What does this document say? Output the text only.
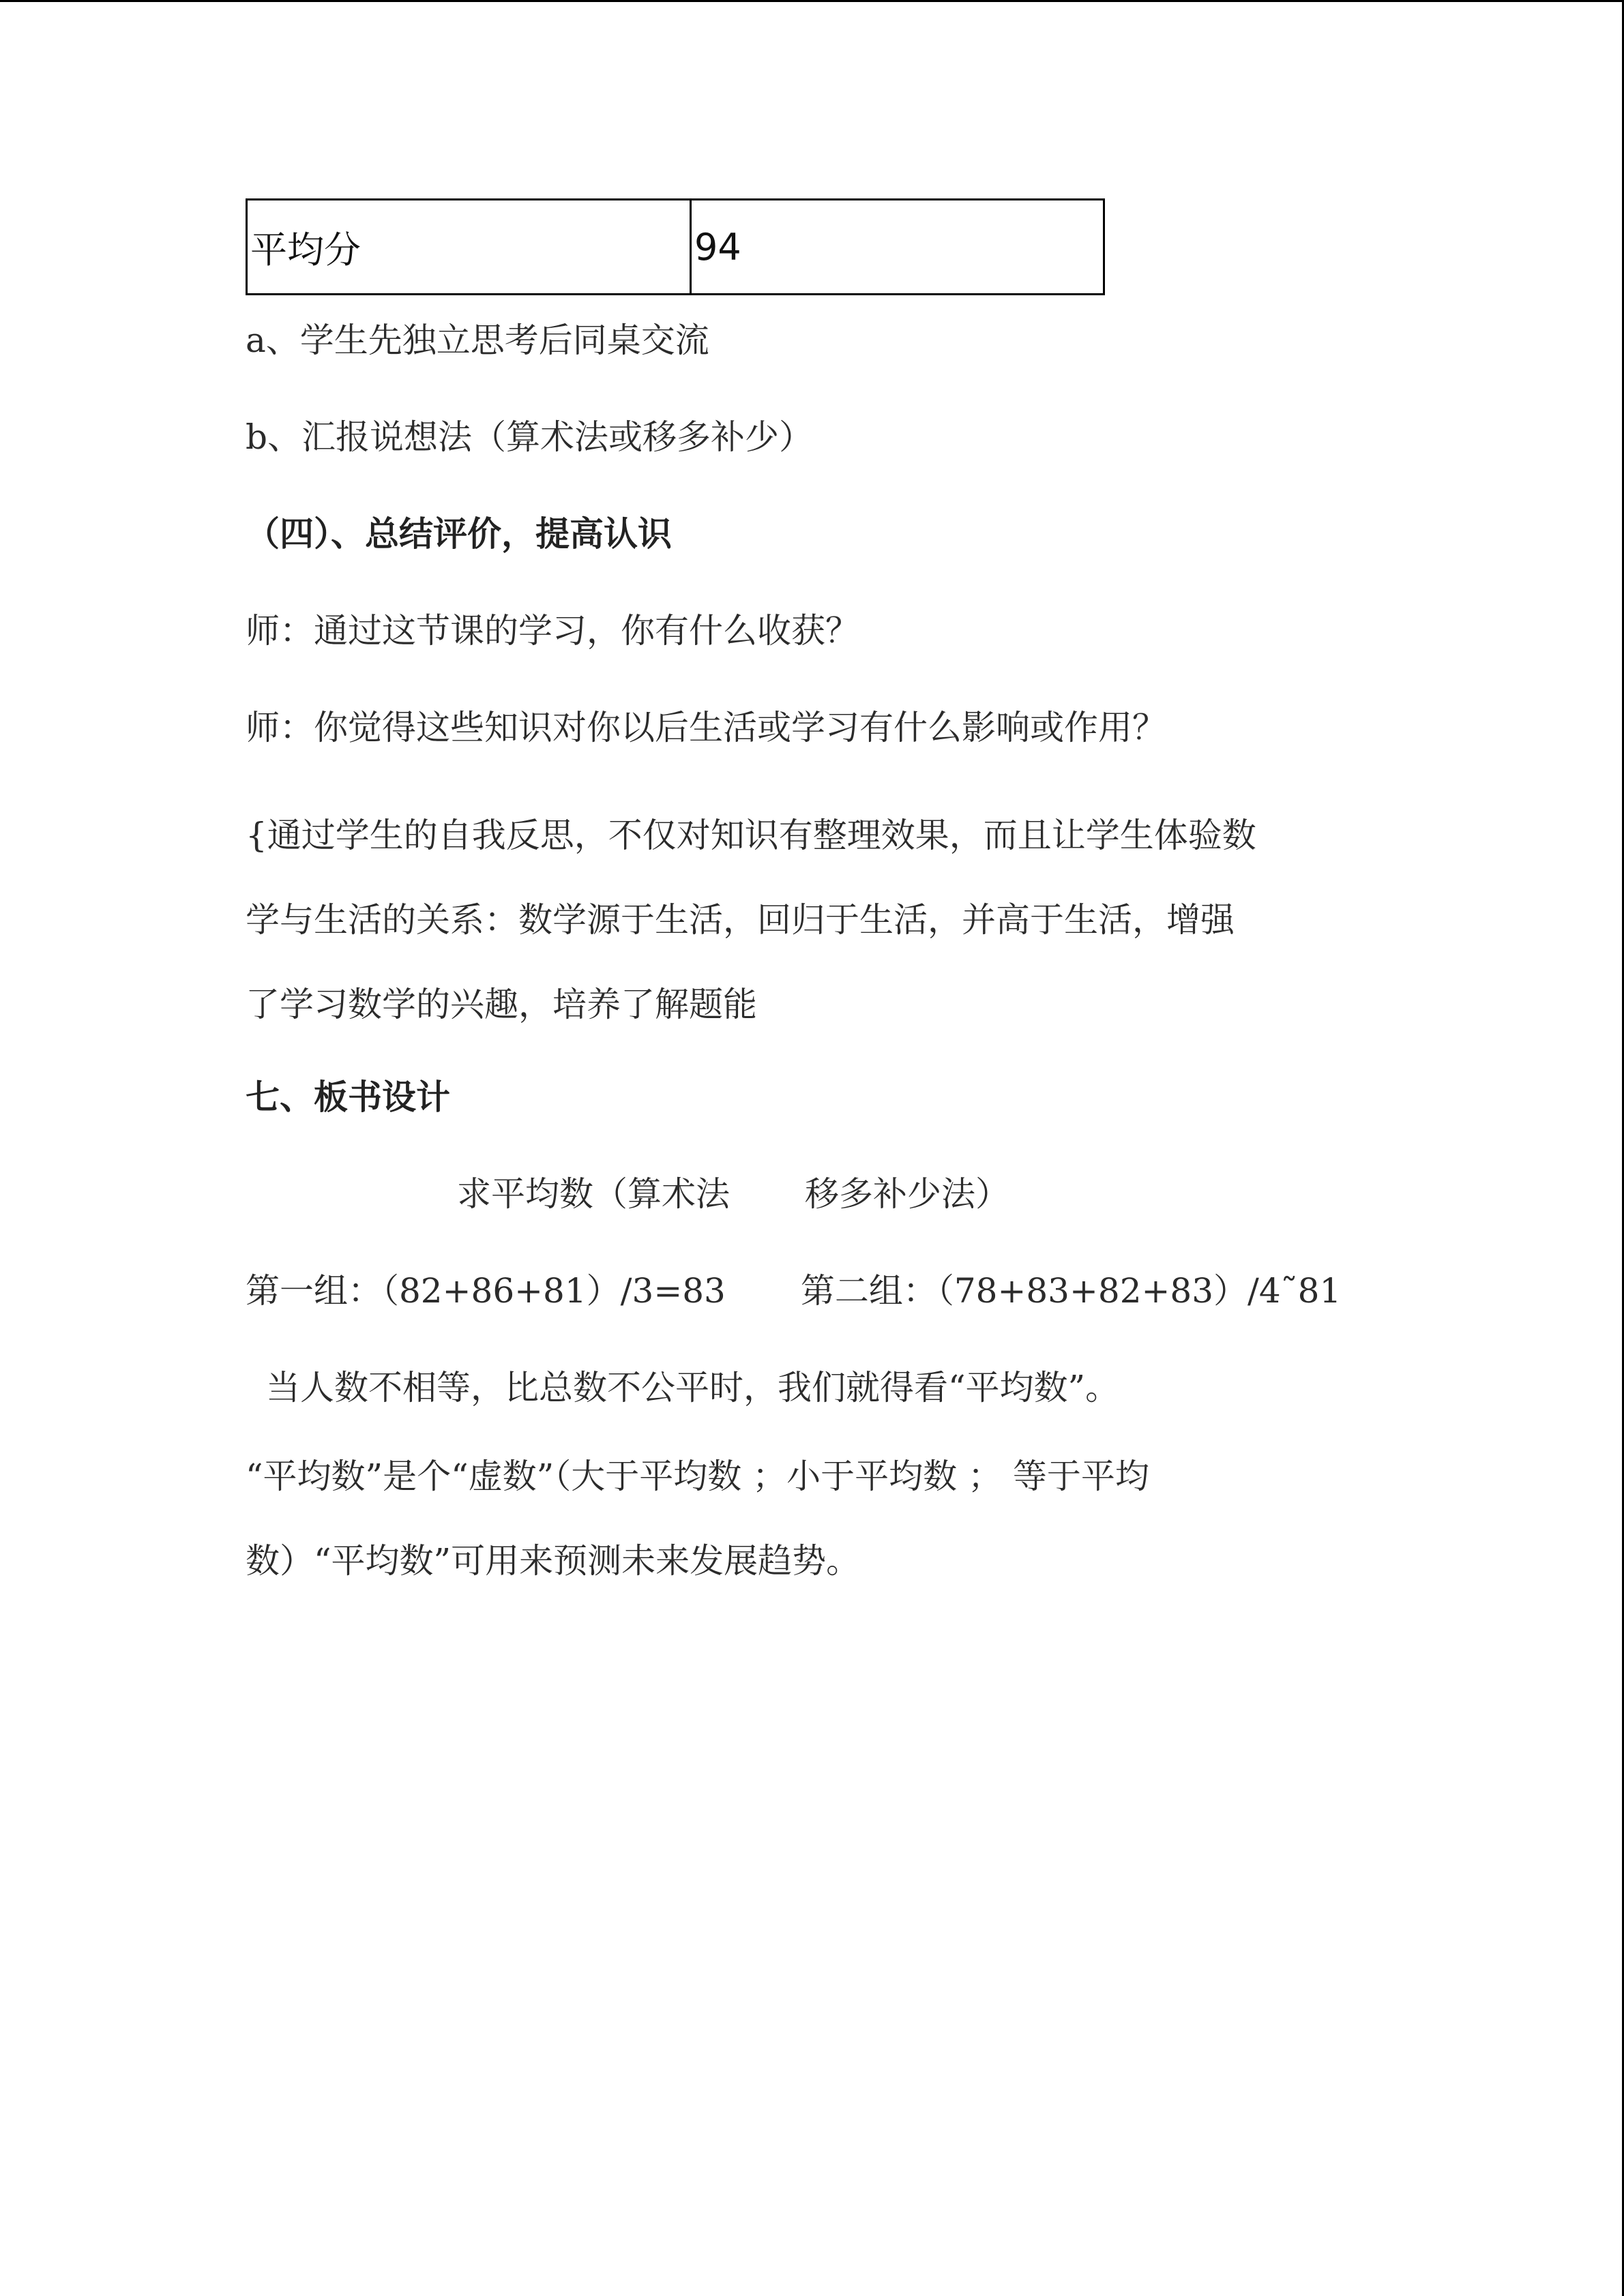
平均分	94

a、学生先独立思考后同桌交流

b、汇报说想法（算术法或移多补少）

（四）、总结评价，提高认识

师：通过这节课的学习，你有什么收获？

师：你觉得这些知识对你以后生活或学习有什么影响或作用？

{通过学生的自我反思，不仅对知识有整理效果，而且让学生体验数
学与生活的关系：数学源于生活，回归于生活，并高于生活，增强
了学习数学的兴趣，培养了解题能

七、板书设计

求平均数（算术法 移多补少法）

第一组：（82+86+81）/3=83 第二组：（78+83+82+83）/4˜81

当人数不相等，比总数不公平时，我们就得看“平均数”。

“平均数”是个“虚数”（大于平均数 ；小于平均数 ； 等于平均
数）“平均数”可用来预测未来发展趋势。
